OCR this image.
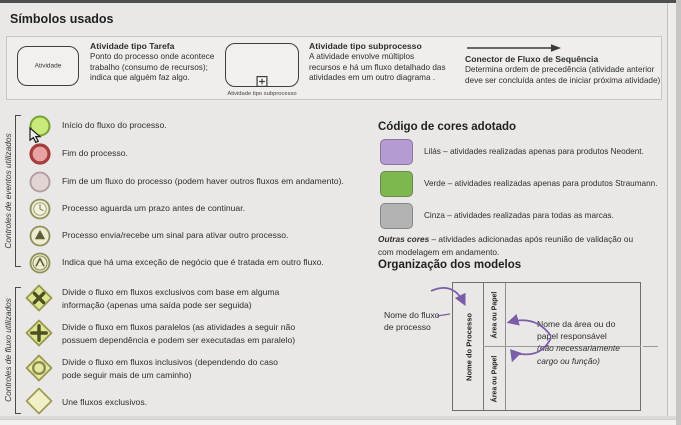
Símbolos usados
Atividade
Atividade tipo Tarefa
Ponto do processo onde acontece
trabalho (consumo de recursos);
indica que alguém faz algo.
Atividade tipo subprocesso
Atividade tipo subprocesso
A atividade envolve múltiplos
recursos e há um fluxo detalhado das
atividades em um outro diagrama .
Conector de Fluxo de Sequência
Determina ordem de precedência (atividade anterior
deve ser concluída antes de iniciar próxima atividade)
Controles de eventos utilizados
Início do fluxo do processo.
Fim do processo.
Fim de um fluxo do processo (podem haver outros fluxos em andamento).
Processo aguarda um prazo antes de continuar.
Processo envia/recebe um sinal para ativar outro processo.
Indica que há uma exceção de negócio que é tratada em outro fluxo.
Controles de fluxo utilizados
Divide o fluxo em fluxos exclusivos com base em alguma
informação (apenas uma saída pode ser seguida)
Divide o fluxo em fluxos paralelos (as atividades a seguir não
possuem dependência e podem ser executadas em paralelo)
Divide o fluxo em fluxos inclusivos (dependendo do caso
pode seguir mais de um caminho)
Une fluxos exclusivos.
Código de cores adotado
Lilás – atividades realizadas apenas para produtos Neodent.
Verde – atividades realizadas apenas para produtos Straumann.
Cinza – atividades realizadas para todas as marcas.
Outras cores – atividades adicionadas após reunião de validação ou
com modelagem em andamento.
Organização dos modelos
Nome do Processo	Área ou Papel
Área ou Papel
Nome do fluxo
de processo	Nome da área ou do
papel responsável
(não necessariamente
cargo ou função)
